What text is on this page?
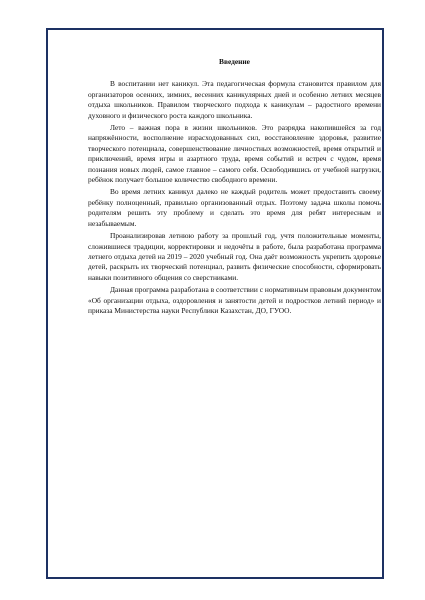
Введение

В воспитании нет каникул. Эта педагогическая формула становится правилом для организаторов осенних, зимних, весенних каникулярных дней и особенно летних месяцев отдыха школьников. Правилом творческого подхода к каникулам – радостного времени духовного и физического роста каждого школьника.

Лето – важная пора в жизни школьников. Это разрядка накопившейся за год напряжённости, восполнение израсходованных сил, восстановление здоровья, развитие творческого потенциала, совершенствование личностных возможностей, время открытий и приключений, время игры и азартного труда, время событий и встреч с чудом, время познания новых людей, самое главное – самого себя. Освободившись от учебной нагрузки, ребёнок получает большое количество свободного времени.

Во время летних каникул далеко не каждый родитель может предоставить своему ребёнку полноценный, правильно организованный отдых. Поэтому задача школы помочь родителям решить эту проблему и сделать это время для ребят интересным и незабываемым.

Проанализировав летнюю работу за прошлый год, учтя положительные моменты, сложившиеся традиции, корректировки и недочёты в работе, была разработана программа летнего отдыха детей на 2019 – 2020 учебный год. Она даёт возможность укрепить здоровье детей, раскрыть их творческий потенциал, развить физические способности, сформировать навыки позитивного общения со сверстниками.

Данная программа разработана в соответствии с нормативным правовым документом «Об организации отдыха, оздоровления и занятости детей и подростков летний период» и приказа Министерства науки Республики Казахстан, ДО, ГУОО.
